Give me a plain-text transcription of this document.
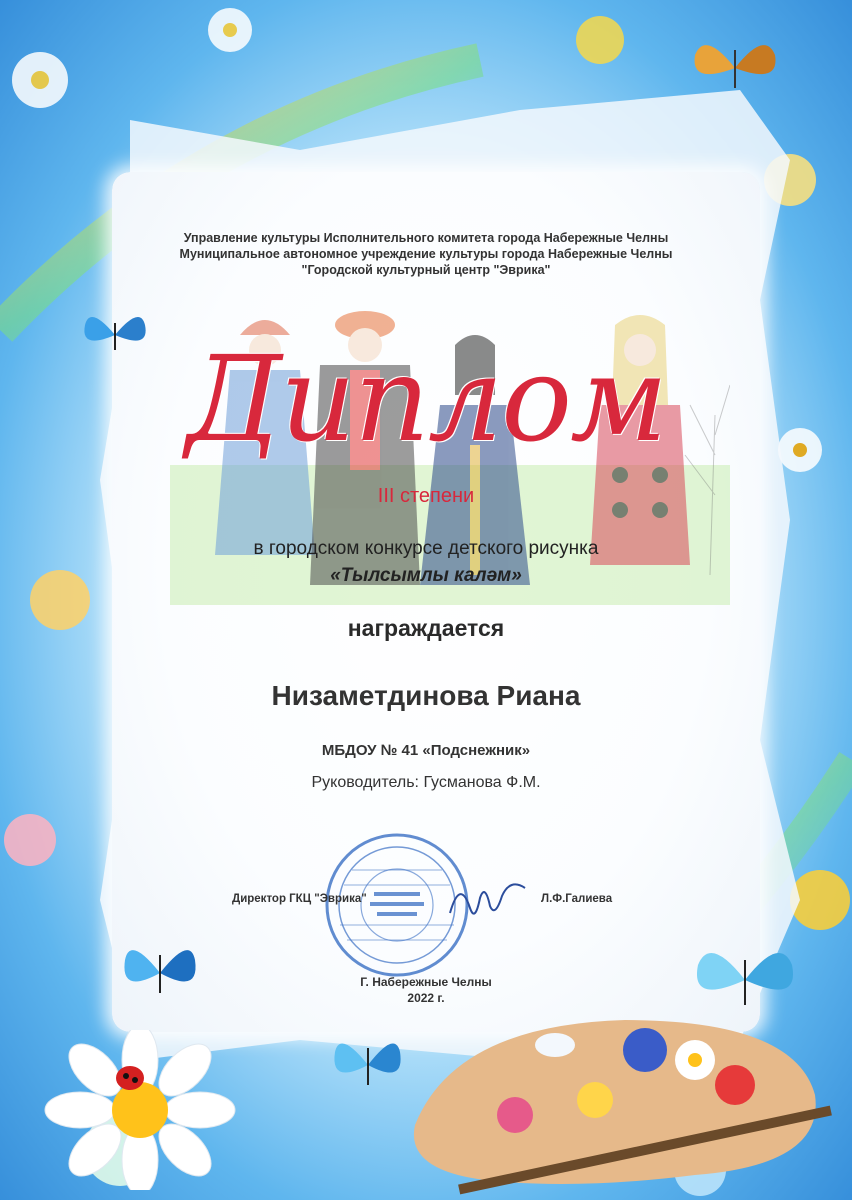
Управление культуры Исполнительного комитета города Набережные Челны
Муниципальное автономное учреждение культуры города Набережные Челны
"Городской культурный центр "Эврика"
Диплом
III степени
в городском конкурсе детского рисунка
«Тылсымлы каләм»
награждается
Низаметдинова Риана
МБДОУ № 41 «Подснежник»
Руководитель: Гусманова Ф.М.
Директор ГКЦ "Эврика"	Л.Ф.Галиева
Г. Набережные Челны
2022 г.
